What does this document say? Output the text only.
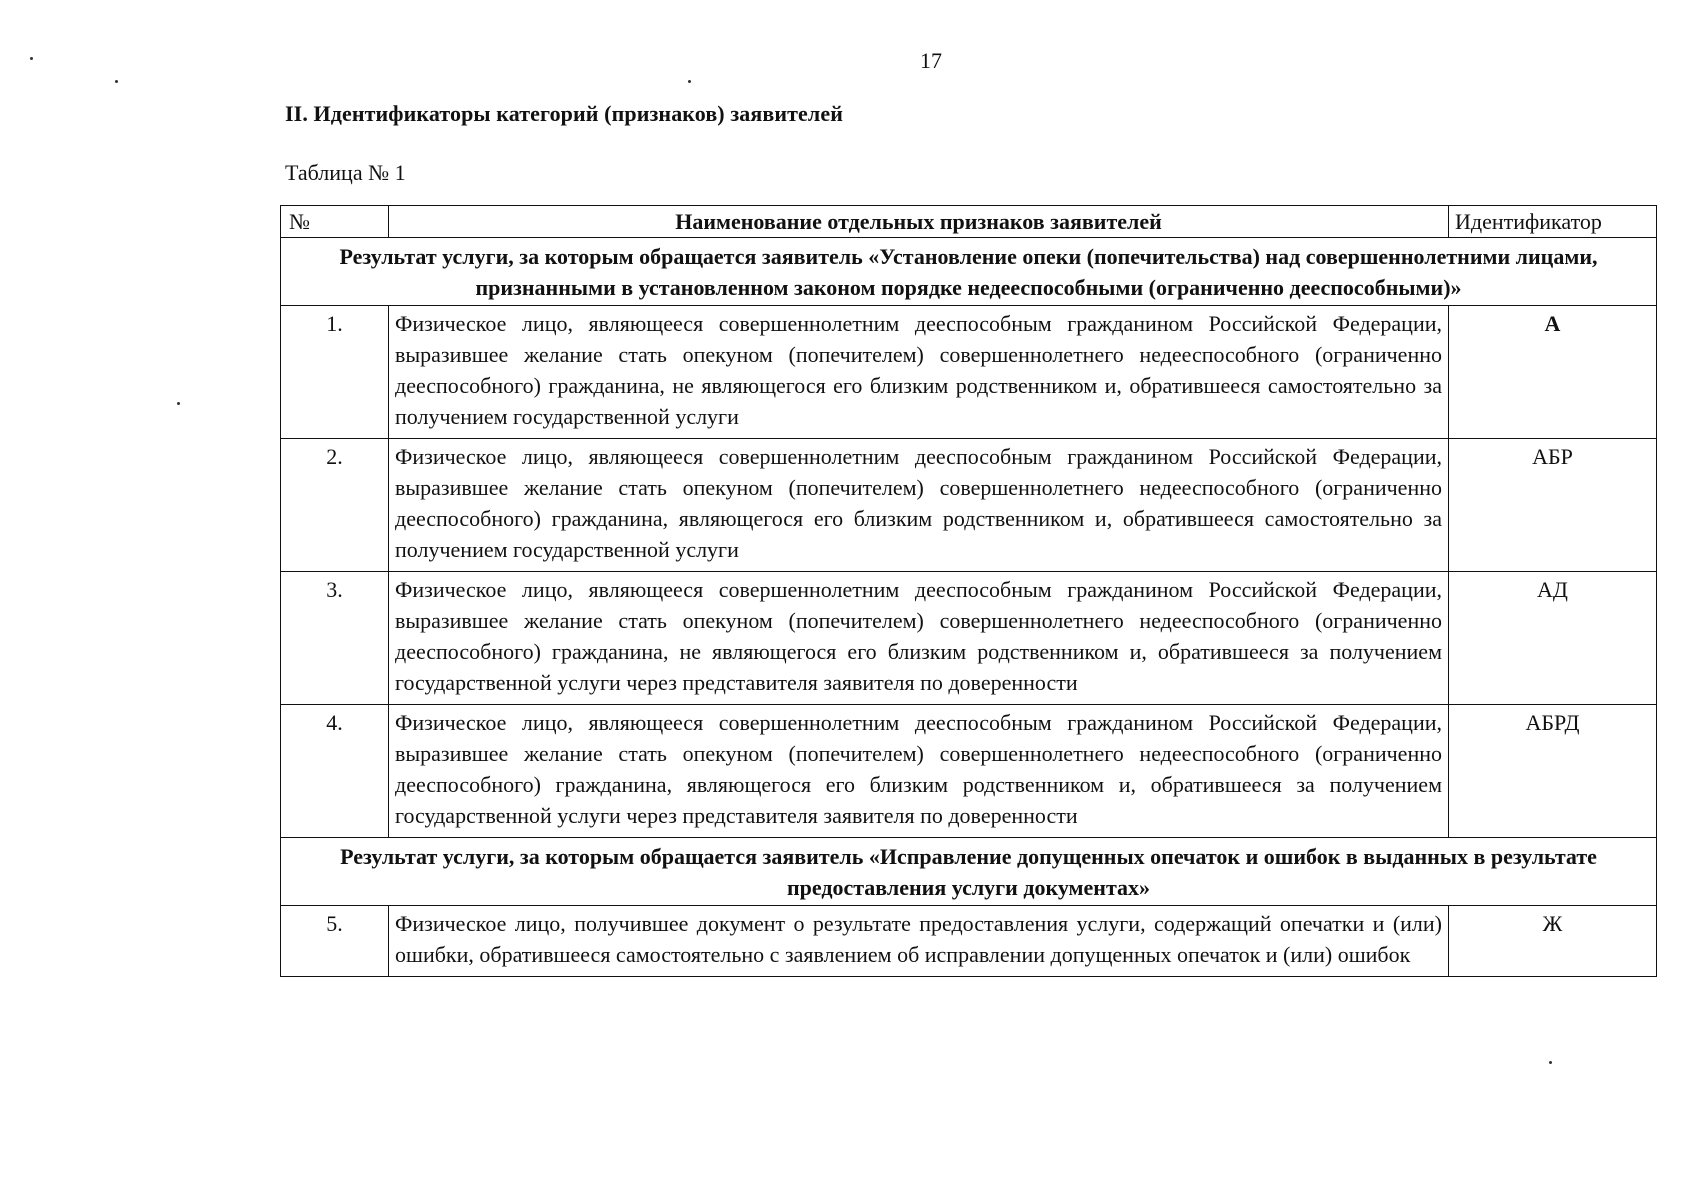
17
II. Идентификаторы категорий (признаков) заявителей
Таблица № 1
№	Наименование отдельных признаков заявителей	Идентификатор
Результат услуги, за которым обращается заявитель «Установление опеки (попечительства) над совершеннолетними лицами, признанными в установленном законом порядке недееспособными (ограниченно дееспособными)»		
1.	Физическое лицо, являющееся совершеннолетним дееспособным гражданином Российской Федерации, выразившее желание стать опекуном (попечителем) совершеннолетнего недееспособного (ограниченно дееспособного) гражданина, не являющегося его близким родственником и, обратившееся самостоятельно за получением государственной услуги	А
2.	Физическое лицо, являющееся совершеннолетним дееспособным гражданином Российской Федерации, выразившее желание стать опекуном (попечителем) совершеннолетнего недееспособного (ограниченно дееспособного) гражданина, являющегося его близким родственником и, обратившееся самостоятельно за получением государственной услуги	АБР
3.	Физическое лицо, являющееся совершеннолетним дееспособным гражданином Российской Федерации, выразившее желание стать опекуном (попечителем) совершеннолетнего недееспособного (ограниченно дееспособного) гражданина, не являющегося его близким родственником и, обратившееся за получением государственной услуги через представителя заявителя по доверенности	АД
4.	Физическое лицо, являющееся совершеннолетним дееспособным гражданином Российской Федерации, выразившее желание стать опекуном (попечителем) совершеннолетнего недееспособного (ограниченно дееспособного) гражданина, являющегося его близким родственником и, обратившееся за получением государственной услуги через представителя заявителя по доверенности	АБРД
Результат услуги, за которым обращается заявитель «Исправление допущенных опечаток и ошибок в выданных в результате предоставления услуги документах»		
5.	Физическое лицо, получившее документ о результате предоставления услуги, содержащий опечатки и (или) ошибки, обратившееся самостоятельно с заявлением об исправлении допущенных опечаток и (или) ошибок	Ж
